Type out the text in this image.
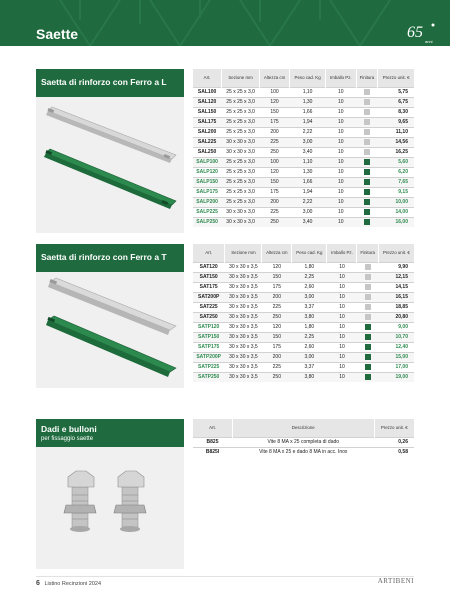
Saette	65
anni
Saetta di rinforzo con Ferro a L	Art.	Sezione mm	Altezza cm	Peso cad. Kg	Imballo Pz.	Finitura	Prezzo unit. €
SAL100	25 x 25 x 3,0	100	1,10	10		5,75
SAL120	25 x 25 x 3,0	120	1,30	10		6,75
SAL150	25 x 25 x 3,0	150	1,66	10		8,30
SAL175	25 x 25 x 3,0	175	1,94	10		9,65
SAL200	25 x 25 x 3,0	200	2,22	10		11,10
SAL225	30 x 30 x 3,0	225	3,00	10		14,56
SAL250	30 x 30 x 3,0	250	3,40	10		16,25
SALP100	25 x 25 x 3,0	100	1,10	10		5,60
SALP120	25 x 25 x 3,0	120	1,30	10		6,20
SALP150	25 x 25 x 3,0	150	1,66	10		7,65
SALP175	25 x 25 x 3,0	175	1,94	10		9,15
SALP200	25 x 25 x 3,0	200	2,22	10		10,00
SALP225	30 x 30 x 3,0	225	3,00	10		14,00
SALP250	30 x 30 x 3,0	250	3,40	10		16,00
Saetta di rinforzo con Ferro a T	Art.	Sezione mm	Altezza cm	Peso cad. Kg	Imballo Pz.	Finitura	Prezzo unit. €
SAT120	30 x 30 x 3,5	120	1,80	10		9,90
SAT150	30 x 30 x 3,5	150	2,25	10		12,15
SAT175	30 x 30 x 3,5	175	2,60	10		14,15
SAT200P	30 x 30 x 3,5	200	3,00	10		16,15
SAT225	30 x 30 x 3,5	225	3,37	10		18,85
SAT250	30 x 30 x 3,5	250	3,80	10		20,80
SATP120	30 x 30 x 3,5	120	1,80	10		9,00
SATP150	30 x 30 x 3,5	150	2,25	10		10,70
SATP175	30 x 30 x 3,5	175	2,60	10		12,40
SATP200P	30 x 30 x 3,5	200	3,00	10		15,00
SATP225	30 x 30 x 3,5	225	3,37	10		17,00
SATP250	30 x 30 x 3,5	250	3,80	10		19,00
Dadi e bulloni
per fissaggio saette
Art.	Descrizione	Prezzo unit. €
B825	Vite 8 MA x 25 completa di dado	0,26
B825I	Vite 8 MA x 25 e dado 8 MA in acc. Inox	0,58
6 Listino Recinzioni 2024	ARTIBENI
